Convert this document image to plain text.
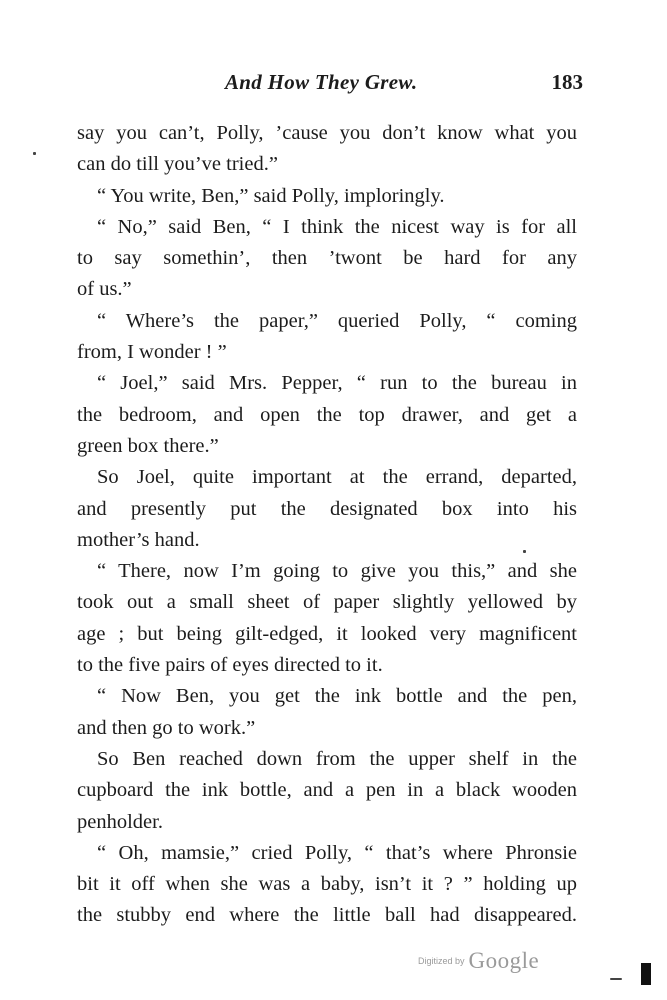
And How They Grew.	183
say you can’t, Polly, ’cause you don’t know what you
can do till you’ve tried.”
“ You write, Ben,” said Polly, imploringly.
“ No,” said Ben, “ I think the nicest way is for all
to say somethin’, then ’twont be hard for any
of us.”
“ Where’s the paper,” queried Polly, “ coming
from, I wonder ! ”
“ Joel,” said Mrs. Pepper, “ run to the bureau in
the bedroom, and open the top drawer, and get a
green box there.”
So Joel, quite important at the errand, departed,
and presently put the designated box into his
mother’s hand.
“ There, now I’m going to give you this,” and she
took out a small sheet of paper slightly yellowed by
age ; but being gilt-edged, it looked very magnificent
to the five pairs of eyes directed to it.
“ Now Ben, you get the ink bottle and the pen,
and then go to work.”
So Ben reached down from the upper shelf in the
cupboard the ink bottle, and a pen in a black wooden
penholder.
“ Oh, mamsie,” cried Polly, “ that’s where Phronsie
bit it off when she was a baby, isn’t it ? ” holding up
the stubby end where the little ball had disappeared.
Digitized by Google
